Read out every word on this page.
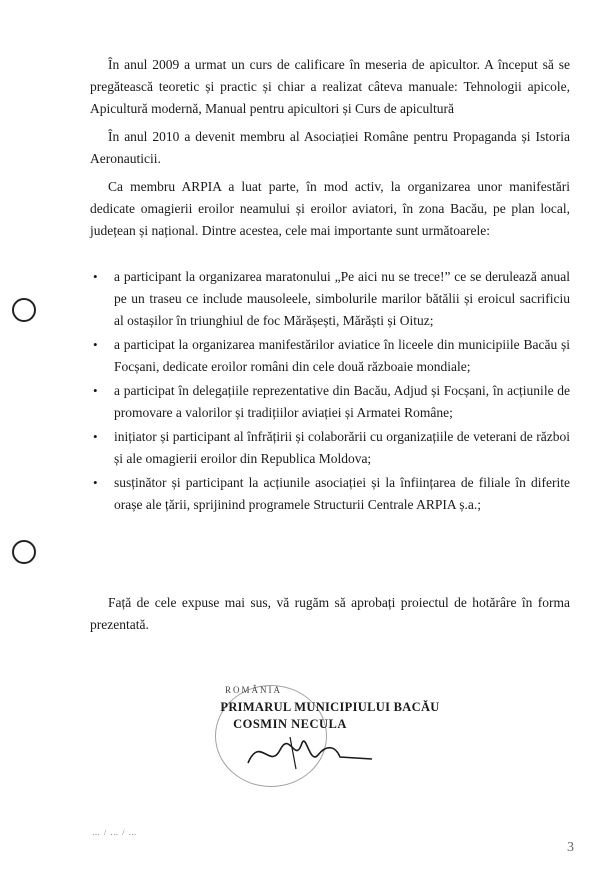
În anul 2009 a urmat un curs de calificare în meseria de apicultor. A început să se pregătească teoretic și practic și chiar a realizat câteva manuale: Tehnologii apicole, Apicultură modernă, Manual pentru apicultori și Curs de apicultură

În anul 2010 a devenit membru al Asociației Române pentru Propaganda și Istoria Aeronauticii.

Ca membru ARPIA a luat parte, în mod activ, la organizarea unor manifestări dedicate omagierii eroilor neamului și eroilor aviatori, în zona Bacău, pe plan local, județean și național. Dintre acestea, cele mai importante sunt următoarele:

• a participant la organizarea maratonului „Pe aici nu se trece!” ce se derulează anual pe un traseu ce include mausoleele, simbolurile marilor bătălii și eroicul sacrificiu al ostașilor în triunghiul de foc Mărășești, Mărăști și Oituz;
• a participat la organizarea manifestărilor aviatice în liceele din municipiile Bacău și Focșani, dedicate eroilor români din cele două războaie mondiale;
• a participat în delegațiile reprezentative din Bacău, Adjud și Focșani, în acțiunile de promovare a valorilor și tradițiilor aviației și Armatei Române;
• inițiator și participant al înfrățirii și colaborării cu organizațiile de veterani de război și ale omagierii eroilor din Republica Moldova;
• susținător și participant la acțiunile asociației și la înființarea de filiale în diferite orașe ale țării, sprijinind programele Structurii Centrale ARPIA ș.a.;

Față de cele expuse mai sus, vă rugăm să aprobați proiectul de hotărâre în forma prezentată.

ROMÂNIA
PRIMARUL MUNICIPIULUI BACĂU
COSMIN NECULA
… / … / …
3
